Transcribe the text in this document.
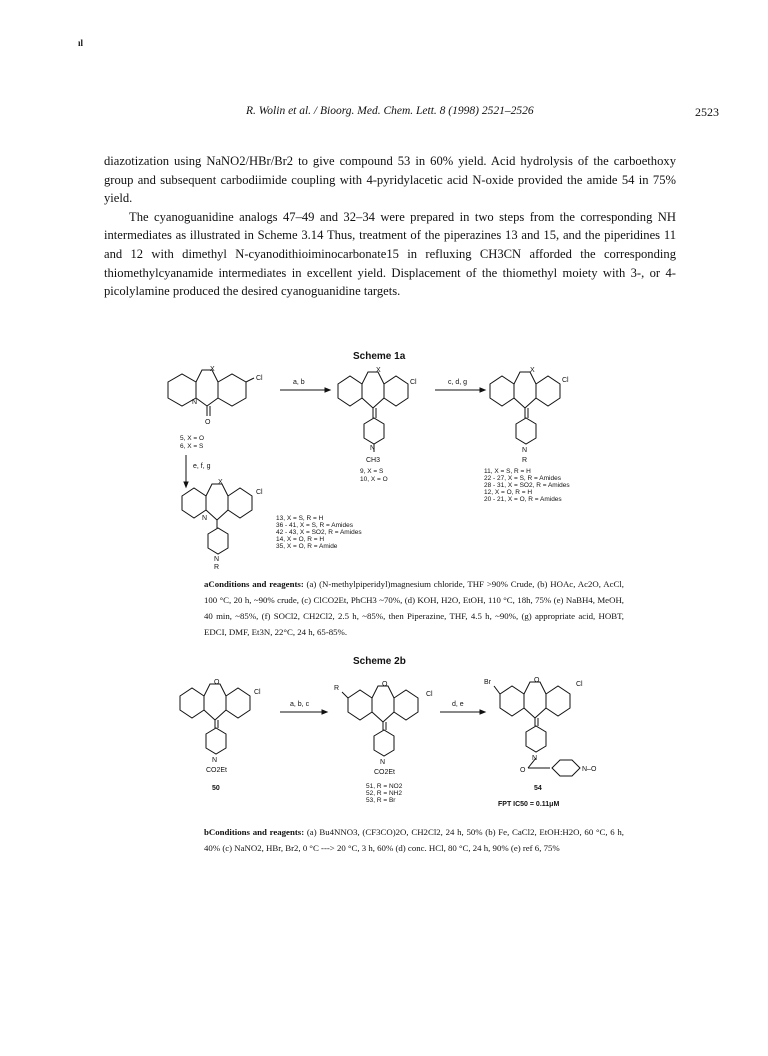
ıl
R. Wolin et al. / Bioorg. Med. Chem. Lett. 8 (1998) 2521–2526	2523

diazotization using NaNO2/HBr/Br2 to give compound 53 in 60% yield. Acid hydrolysis of the carboethoxy group and subsequent carbodiimide coupling with 4-pyridylacetic acid N-oxide provided the amide 54 in 75% yield.

The cyanoguanidine analogs 47–49 and 32–34 were prepared in two steps from the corresponding NH intermediates as illustrated in Scheme 3.14 Thus, treatment of the piperazines 13 and 15, and the piperidines 11 and 12 with dimethyl N-cyanodithioiminocarbonate15 in refluxing CH3CN afforded the corresponding thiomethylcyanamide intermediates in excellent yield. Displacement of the thiomethyl moiety with 3-, or 4-picolylamine produced the desired cyanoguanidine targets.

Scheme 1a
X
Cl
N
O
a, b
X
Cl
N
CH3
c, d, g
X
Cl
N
R
5, X = O
6, X = S
9, X = S
10, X = O
11, X = S, R = H
22 - 27, X = S, R = Amides
28 - 31, X = SO2, R = Amides
12, X = O, R = H
20 - 21, X = O, R = Amides
e, f, g
X
Cl
N
N
R
13, X = S, R = H
36 - 41, X = S, R = Amides
42 - 43, X = SO2, R = Amides
14, X = O, R = H
35, X = O, R = Amide
aConditions and reagents: (a) (N-methylpiperidyl)magnesium chloride, THF >90% Crude, (b) HOAc, Ac2O, AcCl, 100 °C, 20 h, ~90% crude, (c) ClCO2Et, PhCH3 ~70%, (d) KOH, H2O, EtOH, 110 °C, 18h, 75% (e) NaBH4, MeOH, 40 min, ~85%, (f) SOCl2, CH2Cl2, 2.5 h, ~85%, then Piperazine, THF, 4.5 h, ~90%, (g) appropriate acid, HOBT, EDCI, DMF, Et3N, 22°C, 24 h, 65-85%.
Scheme 2b
O
Cl
N
CO2Et
50
a, b, c
R
O
Cl
N
CO2Et
51, R = NO2
52, R = NH2
53, R = Br
d, e
Br	O
Cl
N
O	N–O
54
FPT IC50 = 0.11μM
bConditions and reagents: (a) Bu4NNO3, (CF3CO)2O, CH2Cl2, 24 h, 50% (b) Fe, CaCl2, EtOH:H2O, 60 °C, 6 h, 40% (c) NaNO2, HBr, Br2, 0 °C ---> 20 °C, 3 h, 60% (d) conc. HCl, 80 °C, 24 h, 90% (e) ref 6, 75%
